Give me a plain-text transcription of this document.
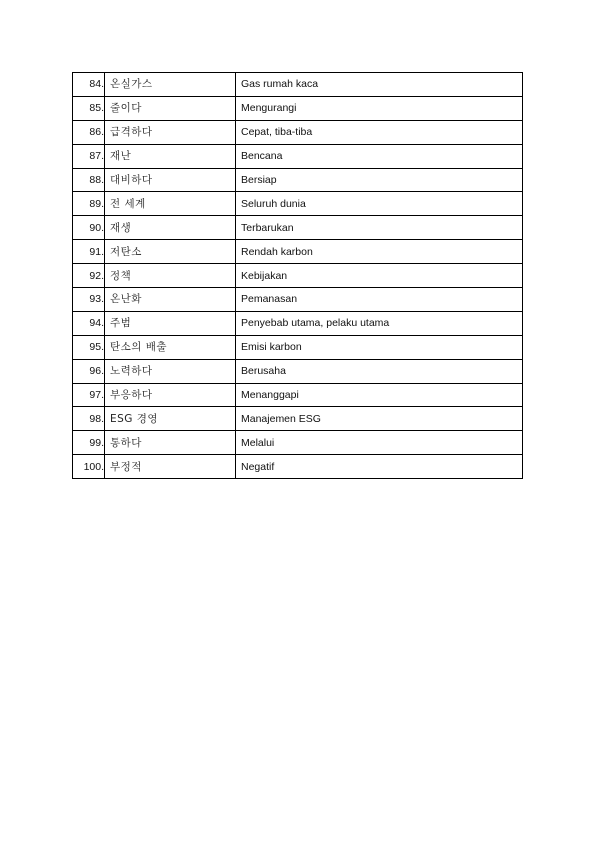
84.	온실가스	Gas rumah kaca
85.	줄이다	Mengurangi
86.	급격하다	Cepat, tiba-tiba
87.	재난	Bencana
88.	대비하다	Bersiap
89.	전 세계	Seluruh dunia
90.	재생	Terbarukan
91.	저탄소	Rendah karbon
92.	정책	Kebijakan
93.	온난화	Pemanasan
94.	주범	Penyebab utama, pelaku utama
95.	탄소의 배출	Emisi karbon
96.	노력하다	Berusaha
97.	부응하다	Menanggapi
98.	ESG 경영	Manajemen ESG
99.	통하다	Melalui
100.	부정적	Negatif
